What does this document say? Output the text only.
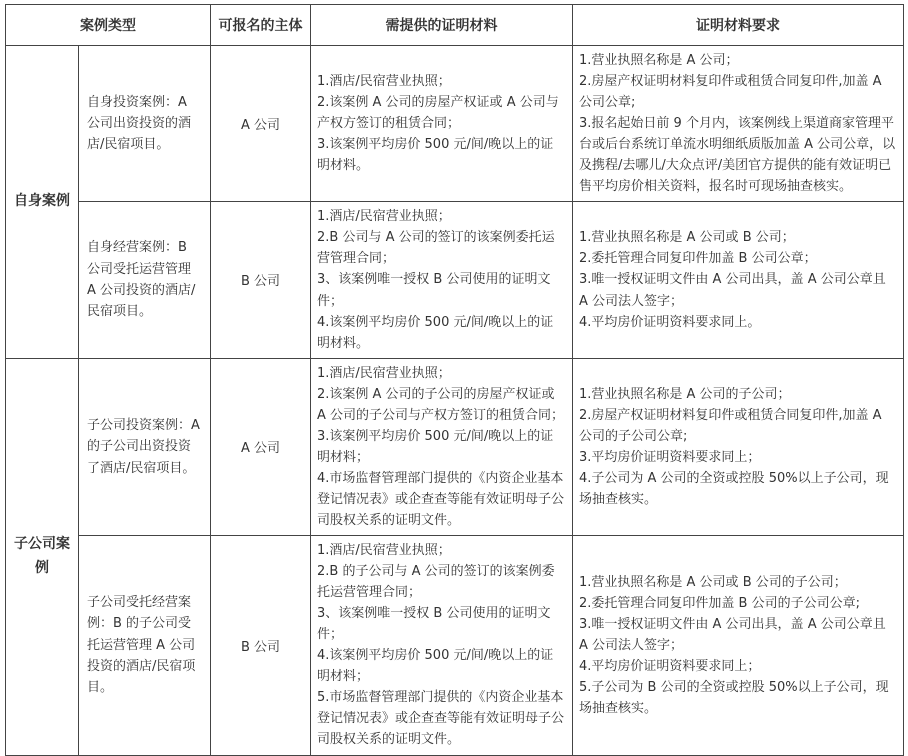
案例类型		可报名的主体	需提供的证明材料	证明材料要求
自身案例	自身投资案例：A 公司出资投资的酒店/民宿项目。	A 公司	1.酒店/民宿营业执照；
2.该案例 A 公司的房屋产权证或 A 公司与产权方签订的租赁合同；
3.该案例平均房价 500 元/间/晚以上的证明材料。	1.营业执照名称是 A 公司；
2.房屋产权证明材料复印件或租赁合同复印件,加盖 A 公司公章;
3.报名起始日前 9 个月内，该案例线上渠道商家管理平台或后台系统订单流水明细纸质版加盖 A 公司公章，以及携程/去哪儿/大众点评/美团官方提供的能有效证明已售平均房价相关资料，报名时可现场抽查核实。
	自身经营案例：B 公司受托运营管理 A 公司投资的酒店/民宿项目。	B 公司	1.酒店/民宿营业执照；
2.B 公司与 A 公司的签订的该案例委托运营管理合同；
3、该案例唯一授权 B 公司使用的证明文件；
4.该案例平均房价 500 元/间/晚以上的证明材料。	1.营业执照名称是 A 公司或 B 公司；
2.委托管理合同复印件加盖 B 公司公章；
3.唯一授权证明文件由 A 公司出具，盖 A 公司公章且 A 公司法人签字；
4.平均房价证明资料要求同上。
子公司案例	子公司投资案例：A 的子公司出资投资了酒店/民宿项目。	A 公司	1.酒店/民宿营业执照；
2.该案例 A 公司的子公司的房屋产权证或 A 公司的子公司与产权方签订的租赁合同；
3.该案例平均房价 500 元/间/晚以上的证明材料；
4.市场监督管理部门提供的《内资企业基本登记情况表》或企查查等能有效证明母子公司股权关系的证明文件。	1.营业执照名称是 A 公司的子公司；
2.房屋产权证明材料复印件或租赁合同复印件,加盖 A 公司的子公司公章;
3.平均房价证明资料要求同上；
4.子公司为 A 公司的全资或控股 50%以上子公司，现场抽查核实。
	子公司受托经营案例：B 的子公司受托运营管理 A 公司投资的酒店/民宿项目。	B 公司	1.酒店/民宿营业执照；
2.B 的子公司与 A 公司的签订的该案例委托运营管理合同；
3、该案例唯一授权 B 公司使用的证明文件；
4.该案例平均房价 500 元/间/晚以上的证明材料；
5.市场监督管理部门提供的《内资企业基本登记情况表》或企查查等能有效证明母子公司股权关系的证明文件。	1.营业执照名称是 A 公司或 B 公司的子公司；
2.委托管理合同复印件加盖 B 公司的子公司公章;
3.唯一授权证明文件由 A 公司出具，盖 A 公司公章且 A 公司法人签字；
4.平均房价证明资料要求同上；
5.子公司为 B 公司的全资或控股 50%以上子公司，现场抽查核实。
